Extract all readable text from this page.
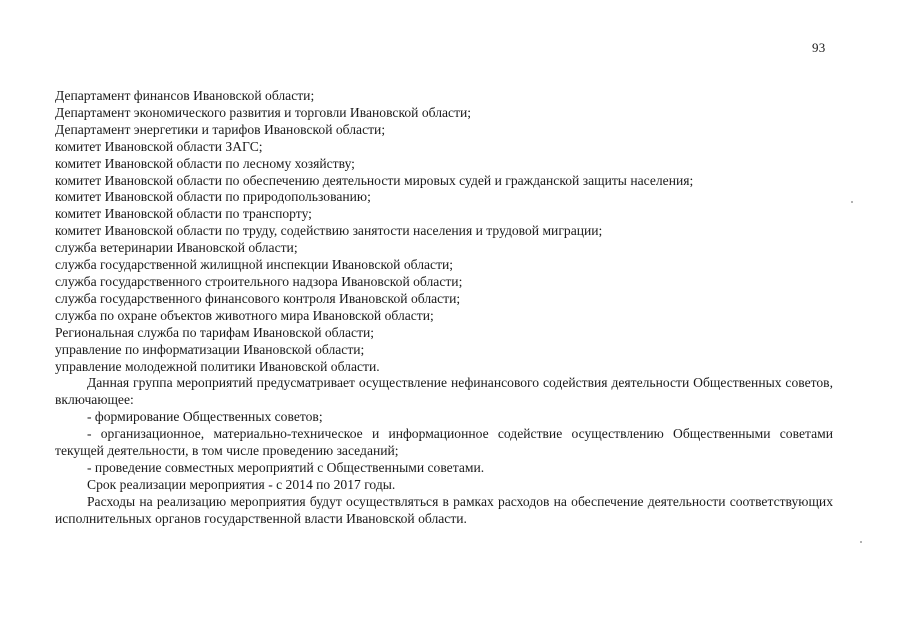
93
Департамент финансов Ивановской области;
Департамент экономического развития и торговли Ивановской области;
Департамент энергетики и тарифов Ивановской области;
комитет Ивановской области ЗАГС;
комитет Ивановской области по лесному хозяйству;
комитет Ивановской области по обеспечению деятельности мировых судей и гражданской защиты населения;
комитет Ивановской области по природопользованию;
комитет Ивановской области по транспорту;
комитет Ивановской области по труду, содействию занятости населения и трудовой миграции;
служба ветеринарии Ивановской области;
служба государственной жилищной инспекции Ивановской области;
служба государственного строительного надзора Ивановской области;
служба государственного финансового контроля Ивановской области;
служба по охране объектов животного мира Ивановской области;
Региональная служба по тарифам Ивановской области;
управление по информатизации Ивановской области;
управление молодежной политики Ивановской области.
Данная группа мероприятий предусматривает осуществление нефинансового содействия деятельности Общественных советов, включающее:
- формирование Общественных советов;
- организационное, материально-техническое и информационное содействие осуществлению Общественными советами текущей деятельности, в том числе проведению заседаний;
- проведение совместных мероприятий с Общественными советами.
Срок реализации мероприятия - с 2014 по 2017 годы.
Расходы на реализацию мероприятия будут осуществляться в рамках расходов на обеспечение деятельности соответствующих исполнительных органов государственной власти Ивановской области.
